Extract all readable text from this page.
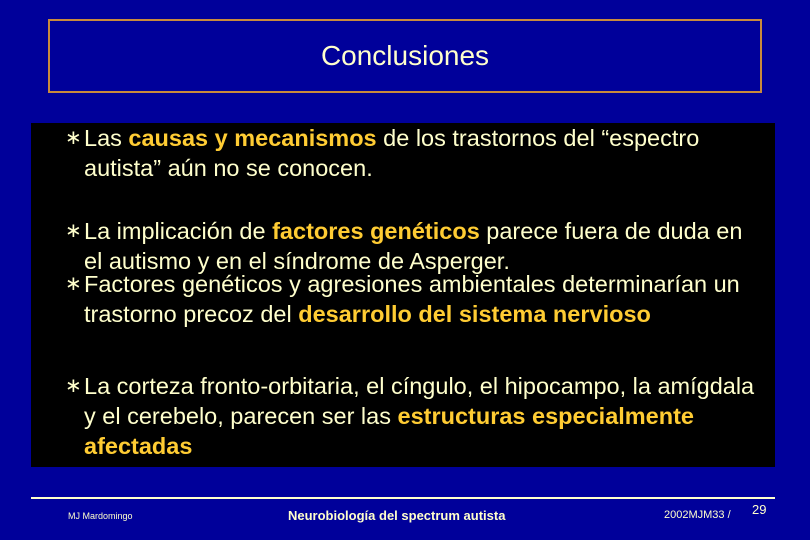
Conclusiones
∗ Las causas y mecanismos de los trastornos del “espectro autista” aún no se conocen.
∗ La implicación de factores genéticos parece fuera de duda en el autismo y en el síndrome de Asperger.
∗ Factores genéticos y agresiones ambientales determinarían un trastorno precoz del desarrollo del sistema nervioso
∗ La corteza fronto-orbitaria, el cíngulo, el hipocampo, la amígdala y el cerebelo, parecen ser las estructuras especialmente afectadas
MJ Mardomingo	Neurobiología del spectrum autista	2002MJM33 / 29
